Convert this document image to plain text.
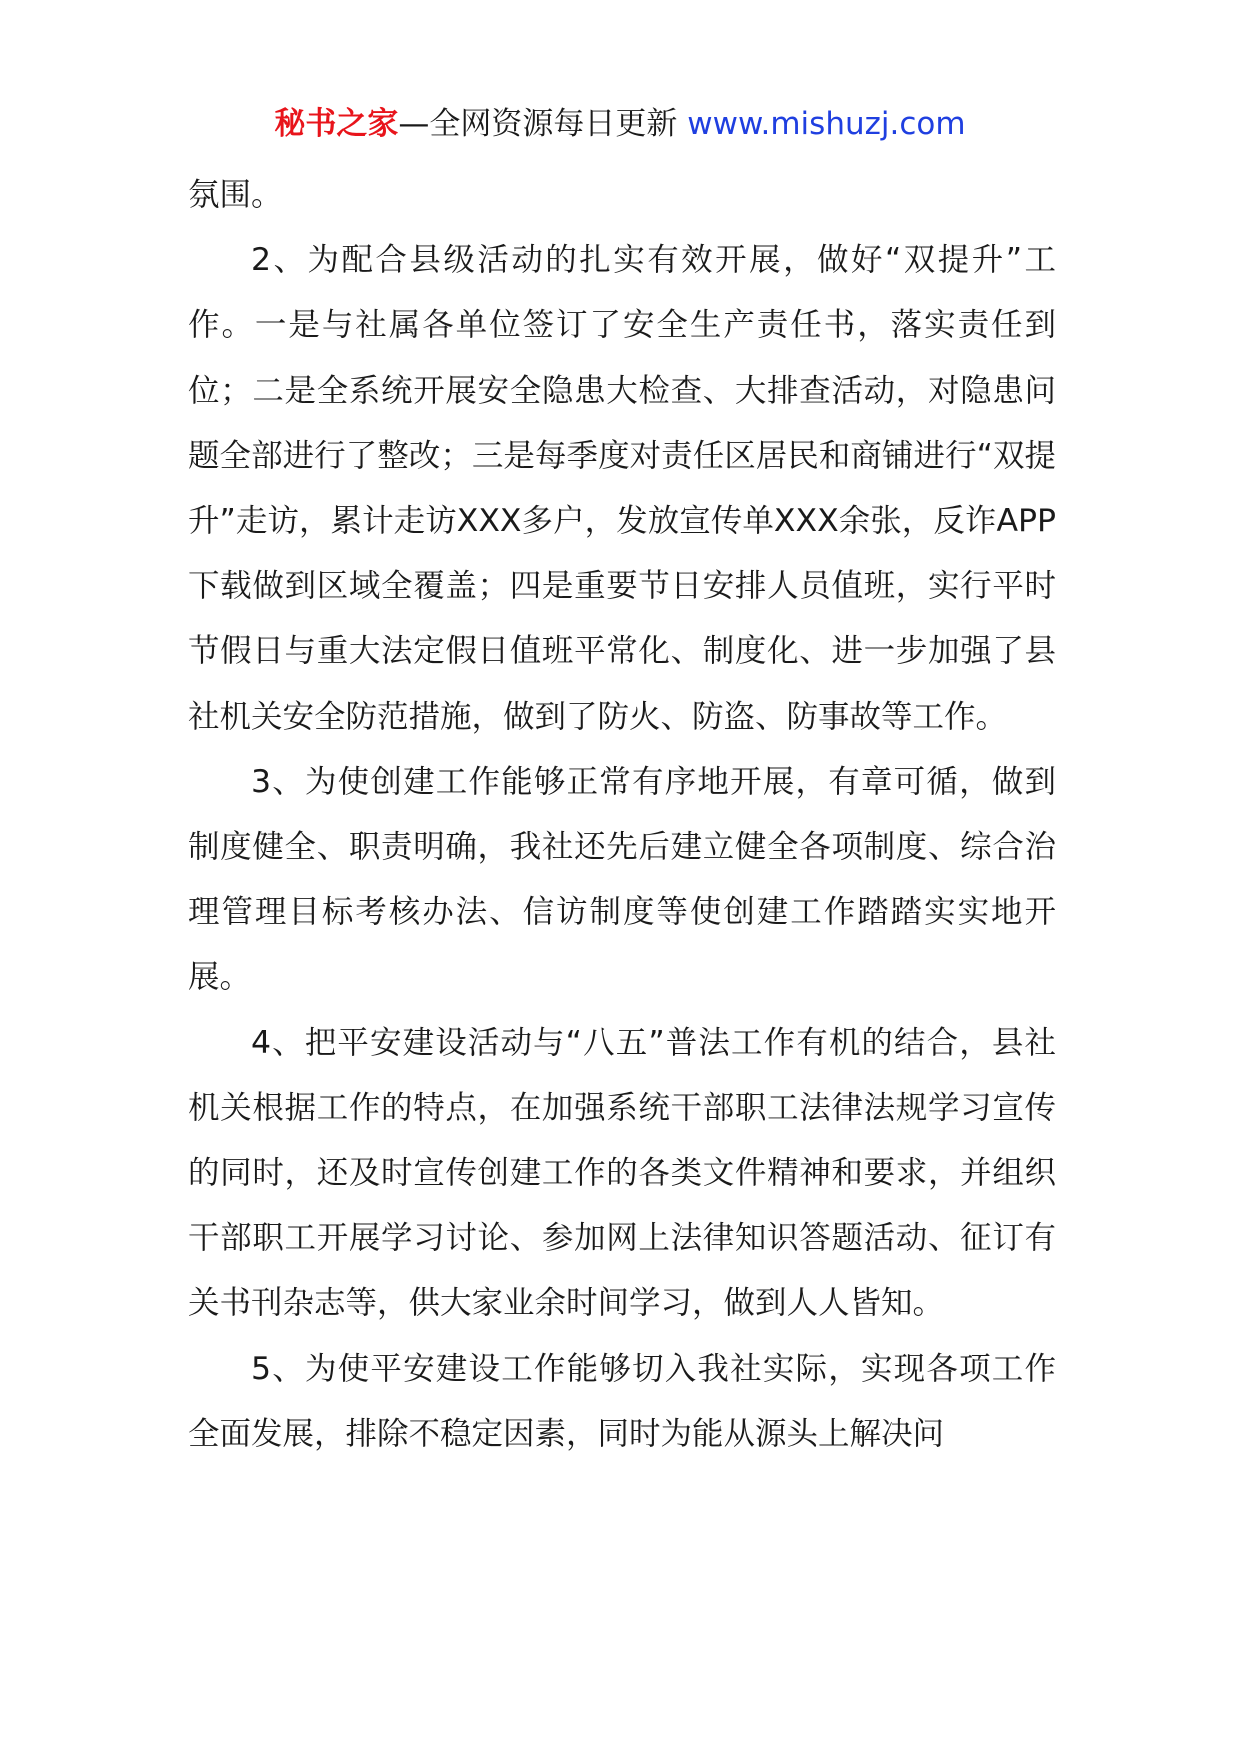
秘书之家—全网资源每日更新 www.mishuzj.com

氛围。

2、为配合县级活动的扎实有效开展，做好“双提升”工作。一是与社属各单位签订了安全生产责任书，落实责任到位；二是全系统开展安全隐患大检查、大排查活动，对隐患问题全部进行了整改；三是每季度对责任区居民和商铺进行“双提升”走访，累计走访XXX多户，发放宣传单XXX余张，反诈APP下载做到区域全覆盖；四是重要节日安排人员值班，实行平时节假日与重大法定假日值班平常化、制度化、进一步加强了县社机关安全防范措施，做到了防火、防盗、防事故等工作。

3、为使创建工作能够正常有序地开展，有章可循，做到制度健全、职责明确，我社还先后建立健全各项制度、综合治理管理目标考核办法、信访制度等使创建工作踏踏实实地开展。

4、把平安建设活动与“八五”普法工作有机的结合，县社机关根据工作的特点，在加强系统干部职工法律法规学习宣传的同时，还及时宣传创建工作的各类文件精神和要求，并组织干部职工开展学习讨论、参加网上法律知识答题活动、征订有关书刊杂志等，供大家业余时间学习，做到人人皆知。

5、为使平安建设工作能够切入我社实际，实现各项工作全面发展，排除不稳定因素，同时为能从源头上解决问
